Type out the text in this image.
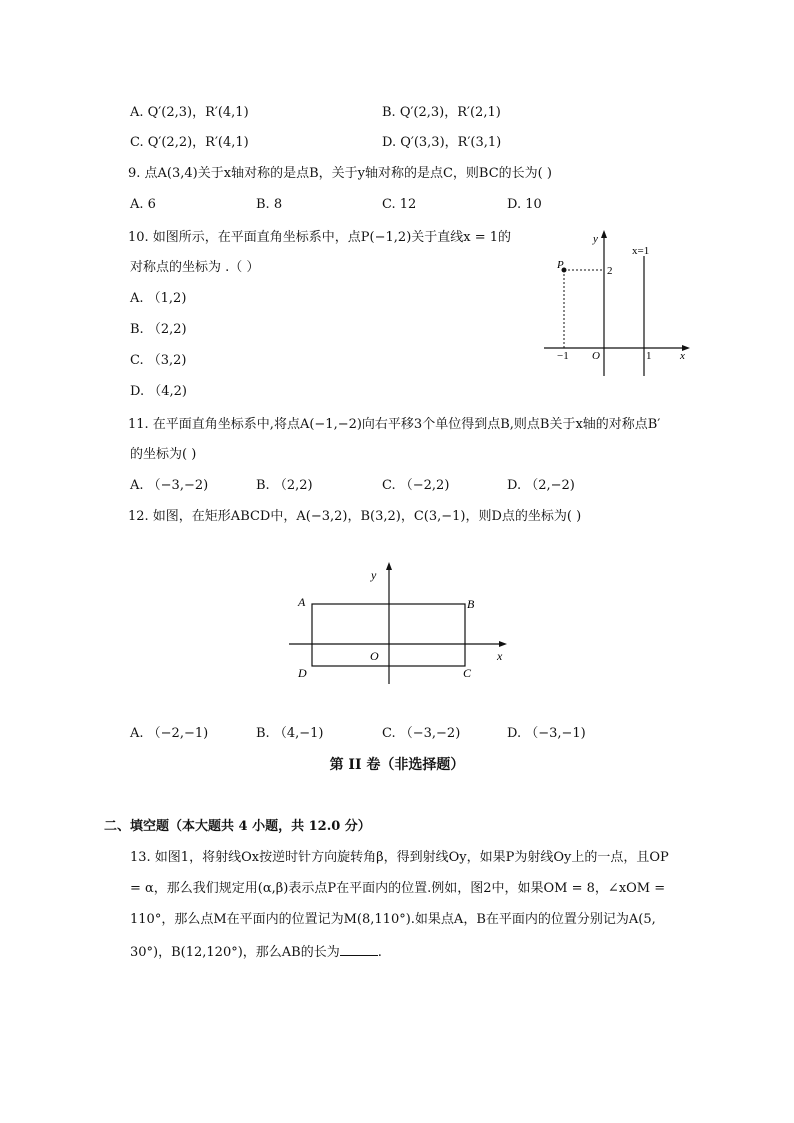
A. Q′(2,3)，R′(4,1)	B. Q′(2,3)，R′(2,1)
C. Q′(2,2)，R′(4,1)	D. Q′(3,3)，R′(3,1)
9. 点A(3,4)关于x轴对称的是点B，关于y轴对称的是点C，则BC的长为( )
A. 6	B. 8	C. 12	D. 10
10. 如图所示，在平面直角坐标系中，点P(−1,2)关于直线x = 1的
对称点的坐标为 .（ ）
A. （1,2)
B. （2,2)
C. （3,2)
D. （4,2)
y
x
x=1
P	2
−1 O	1
11. 在平面直角坐标系中,将点A(−1,−2)向右平移3个单位得到点B,则点B关于x轴的对称点B′
的坐标为( )
A. （−3,−2)	B. （2,2)	C. （−2,2)	D. （2,−2)
12. 如图，在矩形ABCD中，A(−3,2)，B(3,2)，C(3,−1)，则D点的坐标为( )
y
x
A	B
O
D	C
A. （−2,−1)	B. （4,−1)	C. （−3,−2)	D. （−3,−1)
第 II 卷（非选择题）
二、填空题（本大题共 4 小题，共 12.0 分）
13. 如图1，将射线Ox按逆时针方向旋转角β，得到射线Oy，如果P为射线Oy上的一点，且OP
= α，那么我们规定用(α,β)表示点P在平面内的位置.例如，图2中，如果OM = 8，∠xOM =
110°，那么点M在平面内的位置记为M(8,110°).如果点A，B在平面内的位置分别记为A(5,
30°)，B(12,120°)，那么AB的长为	.
